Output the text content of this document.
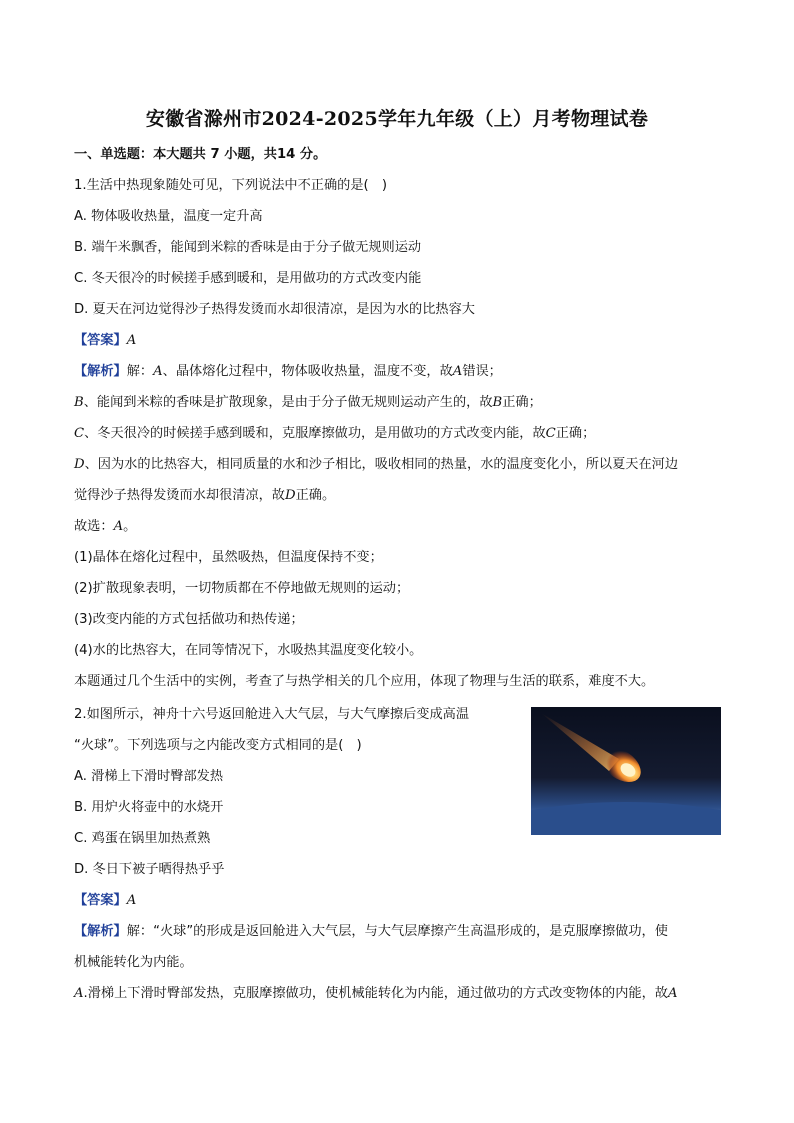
安徽省滁州市2024-2025学年九年级（上）月考物理试卷
一、单选题：本大题共 7 小题，共14 分。
1.生活中热现象随处可见，下列说法中不正确的是(　)
A. 物体吸收热量，温度一定升高
B. 端午米飘香，能闻到米粽的香味是由于分子做无规则运动
C. 冬天很冷的时候搓手感到暖和，是用做功的方式改变内能
D. 夏天在河边觉得沙子热得发烫而水却很清凉，是因为水的比热容大
【答案】A
【解析】解：A、晶体熔化过程中，物体吸收热量，温度不变，故A错误；
B、能闻到米粽的香味是扩散现象，是由于分子做无规则运动产生的，故B正确；
C、冬天很冷的时候搓手感到暖和，克服摩擦做功，是用做功的方式改变内能，故C正确；
D、因为水的比热容大，相同质量的水和沙子相比，吸收相同的热量，水的温度变化小，所以夏天在河边
觉得沙子热得发烫而水却很清凉，故D正确。
故选：A。
(1)晶体在熔化过程中，虽然吸热，但温度保持不变；
(2)扩散现象表明，一切物质都在不停地做无规则的运动；
(3)改变内能的方式包括做功和热传递；
(4)水的比热容大，在同等情况下，水吸热其温度变化较小。
本题通过几个生活中的实例，考查了与热学相关的几个应用，体现了物理与生活的联系，难度不大。
2.如图所示，神舟十六号返回舱进入大气层，与大气摩擦后变成高温
“火球”。下列选项与之内能改变方式相同的是(　)
A. 滑梯上下滑时臀部发热
B. 用炉火将壶中的水烧开
C. 鸡蛋在锅里加热煮熟
D. 冬日下被子晒得热乎乎
【答案】A
【解析】解：“火球”的形成是返回舱进入大气层，与大气层摩擦产生高温形成的，是克服摩擦做功，使
机械能转化为内能。
A.滑梯上下滑时臀部发热，克服摩擦做功，使机械能转化为内能，通过做功的方式改变物体的内能，故A
